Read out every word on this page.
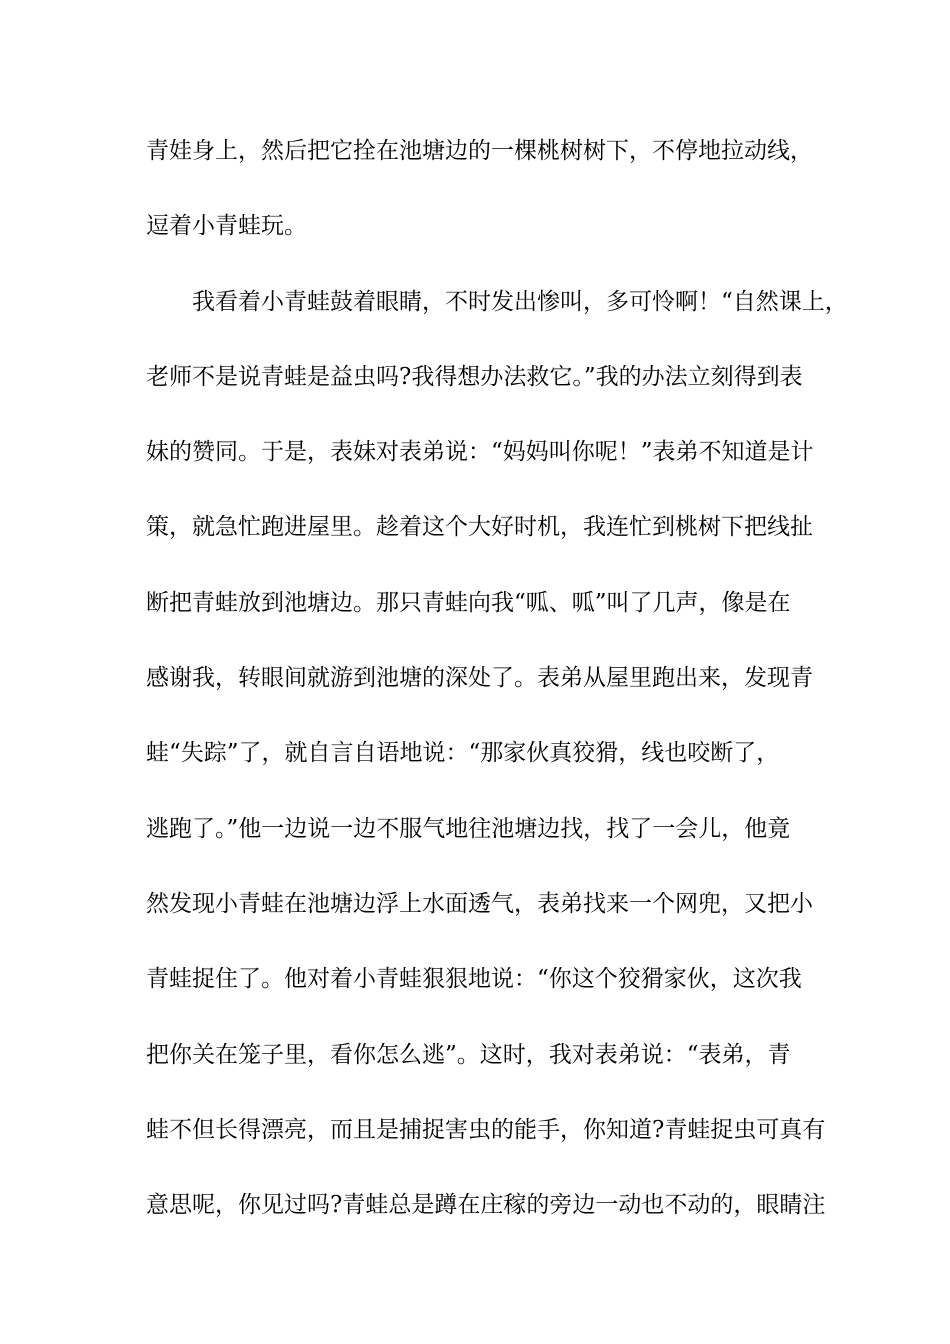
青娃身上，然后把它拴在池塘边的一棵桃树树下，不停地拉动线，
逗着小青蛙玩。
　　我看着小青蛙鼓着眼睛，不时发出惨叫，多可怜啊！“自然课上，
老师不是说青蛙是益虫吗?我得想办法救它。”我的办法立刻得到表
妹的赞同。于是，表妹对表弟说：“妈妈叫你呢！”表弟不知道是计
策，就急忙跑进屋里。趁着这个大好时机，我连忙到桃树下把线扯
断把青蛙放到池塘边。那只青蛙向我“呱、呱”叫了几声，像是在
感谢我，转眼间就游到池塘的深处了。表弟从屋里跑出来，发现青
蛙“失踪”了，就自言自语地说：“那家伙真狡猾，线也咬断了，
逃跑了。”他一边说一边不服气地往池塘边找，找了一会儿，他竟
然发现小青蛙在池塘边浮上水面透气，表弟找来一个网兜，又把小
青蛙捉住了。他对着小青蛙狠狠地说：“你这个狡猾家伙，这次我
把你关在笼子里，看你怎么逃”。这时，我对表弟说：“表弟，青
蛙不但长得漂亮，而且是捕捉害虫的能手，你知道?青蛙捉虫可真有
意思呢，你见过吗?青蛙总是蹲在庄稼的旁边一动也不动的，眼睛注
